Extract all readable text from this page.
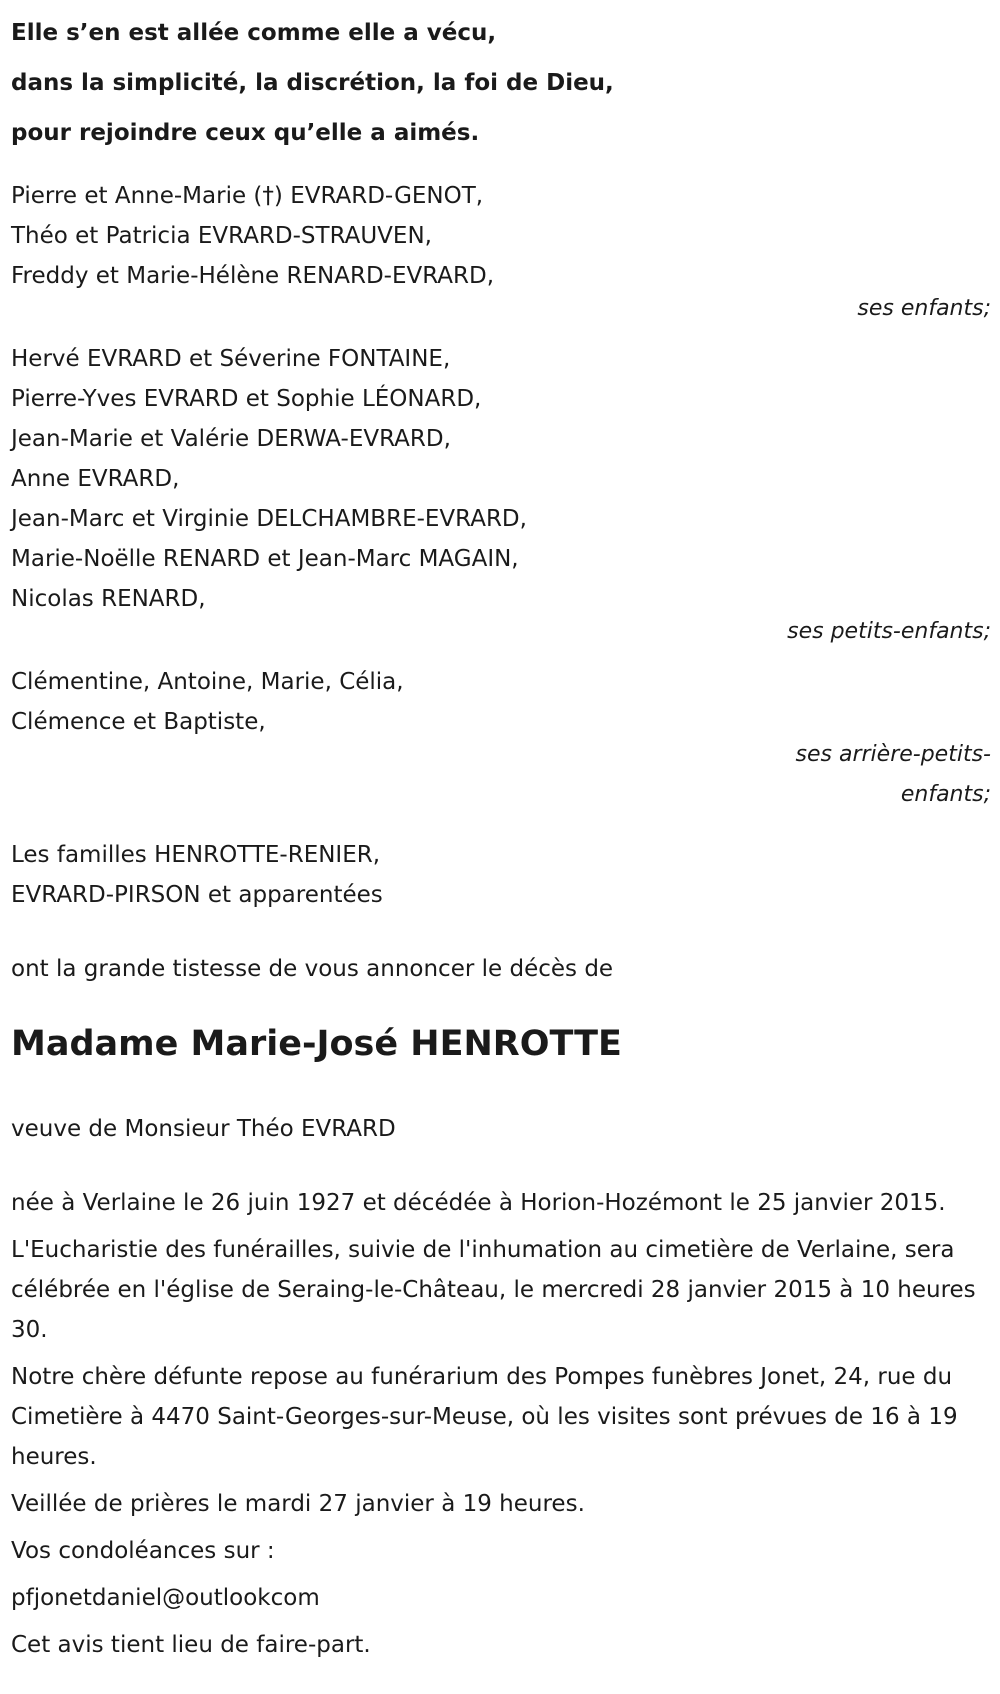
Elle s’en est allée comme elle a vécu,
dans la simplicité, la discrétion, la foi de Dieu,
pour rejoindre ceux qu’elle a aimés.
Pierre et Anne-Marie (†) EVRARD-GENOT,
Théo et Patricia EVRARD-STRAUVEN,
Freddy et Marie-Hélène RENARD-EVRARD,
ses enfants;
Hervé EVRARD et Séverine FONTAINE,
Pierre-Yves EVRARD et Sophie LÉONARD,
Jean-Marie et Valérie DERWA-EVRARD,
Anne EVRARD,
Jean-Marc et Virginie DELCHAMBRE-EVRARD,
Marie-Noëlle RENARD et Jean-Marc MAGAIN,
Nicolas RENARD,
ses petits-enfants;
Clémentine, Antoine, Marie, Célia,
Clémence et Baptiste,
ses arrière-petits-
enfants;
Les familles HENROTTE-RENIER,
EVRARD-PIRSON et apparentées
ont la grande tistesse de vous annoncer le décès de
Madame Marie-José HENROTTE
veuve de Monsieur Théo EVRARD
née à Verlaine le 26 juin 1927 et décédée à Horion-Hozémont le 25 janvier 2015.
L'Eucharistie des funérailles, suivie de l'inhumation au cimetière de Verlaine, sera célébrée en l'église de Seraing-le-Château, le mercredi 28 janvier 2015 à 10 heures 30.
Notre chère défunte repose au funérarium des Pompes funèbres Jonet, 24, rue du Cimetière à 4470 Saint-Georges-sur-Meuse, où les visites sont prévues de 16 à 19 heures.
Veillée de prières le mardi 27 janvier à 19 heures.
Vos condoléances sur :
pfjonetdaniel@outlookcom
Cet avis tient lieu de faire-part.
